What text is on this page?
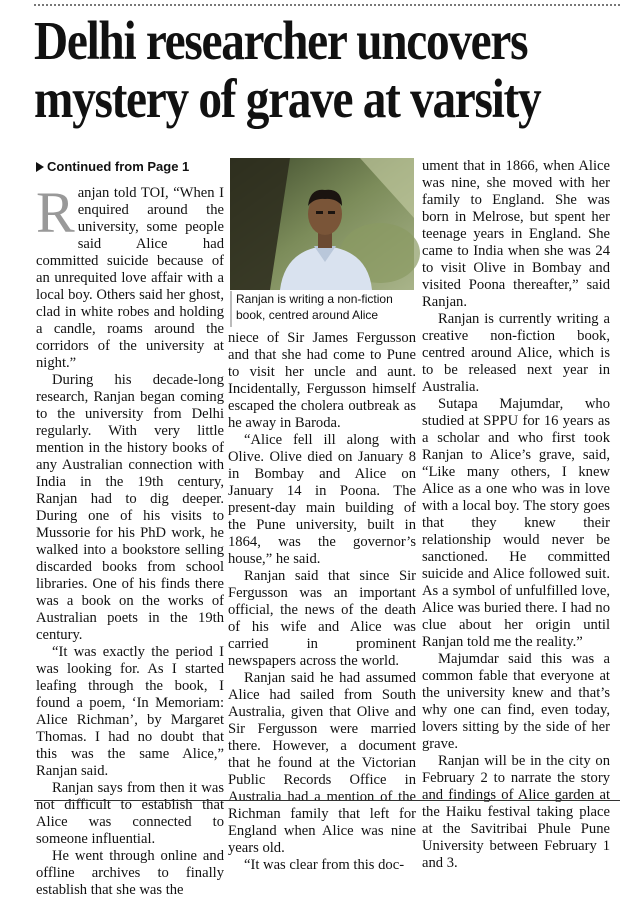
Delhi researcher uncovers
mystery of grave at varsity

Continued from Page 1

Ranjan told TOI, “When I enquired around the university, some people said Alice had committed suicide because of an unrequited love affair with a local boy. Others said her ghost, clad in white robes and holding a candle, roams around the corridors of the university at night.”

During his decade-long research, Ranjan began coming to the university from Delhi regularly. With very little mention in the history books of any Australian connection with India in the 19th century, Ranjan had to dig deeper. During one of his visits to Mussorie for his PhD work, he walked into a bookstore selling discarded books from school libraries. One of his finds there was a book on the works of Australian poets in the 19th century.

“It was exactly the period I was looking for. As I started leafing through the book, I found a poem, ‘In Memoriam: Alice Richman’, by Margaret Thomas. I had no doubt that this was the same Alice,” Ranjan said.

Ranjan says from then it was not difficult to establish that Alice was connected to someone influential.

He went through online and offline archives to finally establish that she was the

Ranjan is writing a non-fiction book, centred around Alice

niece of Sir James Fergusson and that she had come to Pune to visit her uncle and aunt. Incidentally, Fergusson himself escaped the cholera outbreak as he away in Baroda.

“Alice fell ill along with Olive. Olive died on January 8 in Bombay and Alice on January 14 in Poona. The present-day main building of the Pune university, built in 1864, was the governor’s house,” he said.

Ranjan said that since Sir Fergusson was an important official, the news of the death of his wife and Alice was carried in prominent newspapers across the world.

Ranjan said he had assumed Alice had sailed from South Australia, given that Olive and Sir Fergusson were married there. However, a document that he found at the Victorian Public Records Office in Australia had a mention of the Richman family that left for England when Alice was nine years old.

“It was clear from this doc-

ument that in 1866, when Alice was nine, she moved with her family to England. She was born in Melrose, but spent her teenage years in England. She came to India when she was 24 to visit Olive in Bombay and visited Poona thereafter,” said Ranjan.

Ranjan is currently writing a creative non-fiction book, centred around Alice, which is to be released next year in Australia.

Sutapa Majumdar, who studied at SPPU for 16 years as a scholar and who first took Ranjan to Alice’s grave, said, “Like many others, I knew Alice as a one who was in love with a local boy. The story goes that they knew their relationship would never be sanctioned. He committed suicide and Alice followed suit. As a symbol of unfulfilled love, Alice was buried there. I had no clue about her origin until Ranjan told me the reality.”

Majumdar said this was a common fable that everyone at the university knew and that’s why one can find, even today, lovers sitting by the side of her grave.

Ranjan will be in the city on February 2 to narrate the story and findings of Alice garden at the Haiku festival taking place at the Savitribai Phule Pune University between February 1 and 3.
